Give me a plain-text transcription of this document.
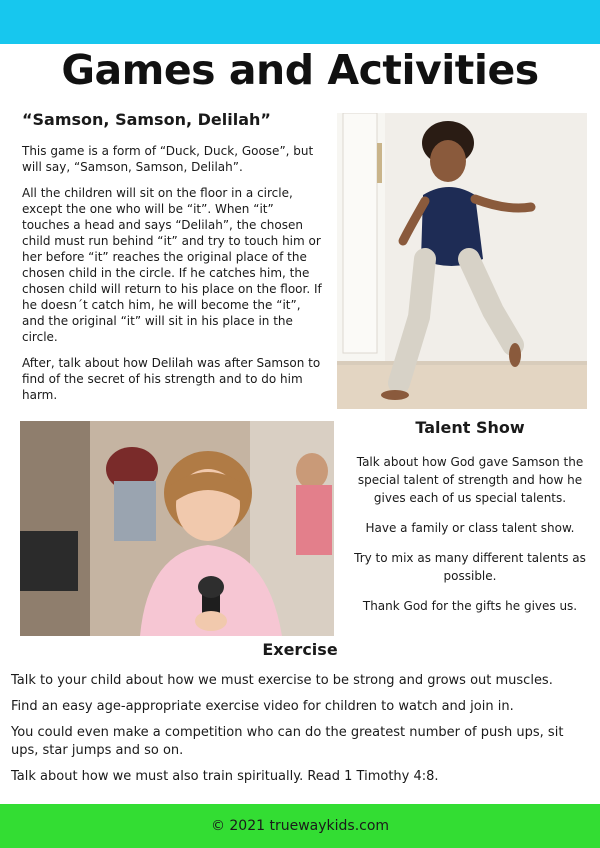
Games and Activities
“Samson, Samson, Delilah”

This game is a form of “Duck, Duck, Goose”, but will say, “Samson, Samson, Delilah”.

All the children will sit on the floor in a circle, except the one who will be “it”. When “it” touches a head and says “Delilah”, the chosen child must run behind “it” and try to touch him or her before “it” reaches the original place of the chosen child in the circle. If he catches him, the chosen child will return to his place on the floor. If he doesn´t catch him, he will become the “it”, and the original “it” will sit in his place in the circle.

After, talk about how Delilah was after Samson to find of the secret of his strength and to do him harm.

Talent Show

Talk about how God gave Samson the special talent of strength and how he gives each of us special talents.

Have a family or class talent show.

Try to mix as many different talents as possible.

Thank God for the gifts he gives us.

Exercise

Talk to your child about how we must exercise to be strong and grows out muscles.

Find an easy age-appropriate exercise video for children to watch and join in.

You could even make a competition who can do the greatest number of push ups, sit ups, star jumps and so on.

Talk about how we must also train spiritually. Read 1 Timothy 4:8.

© 2021 truewaykids.com
